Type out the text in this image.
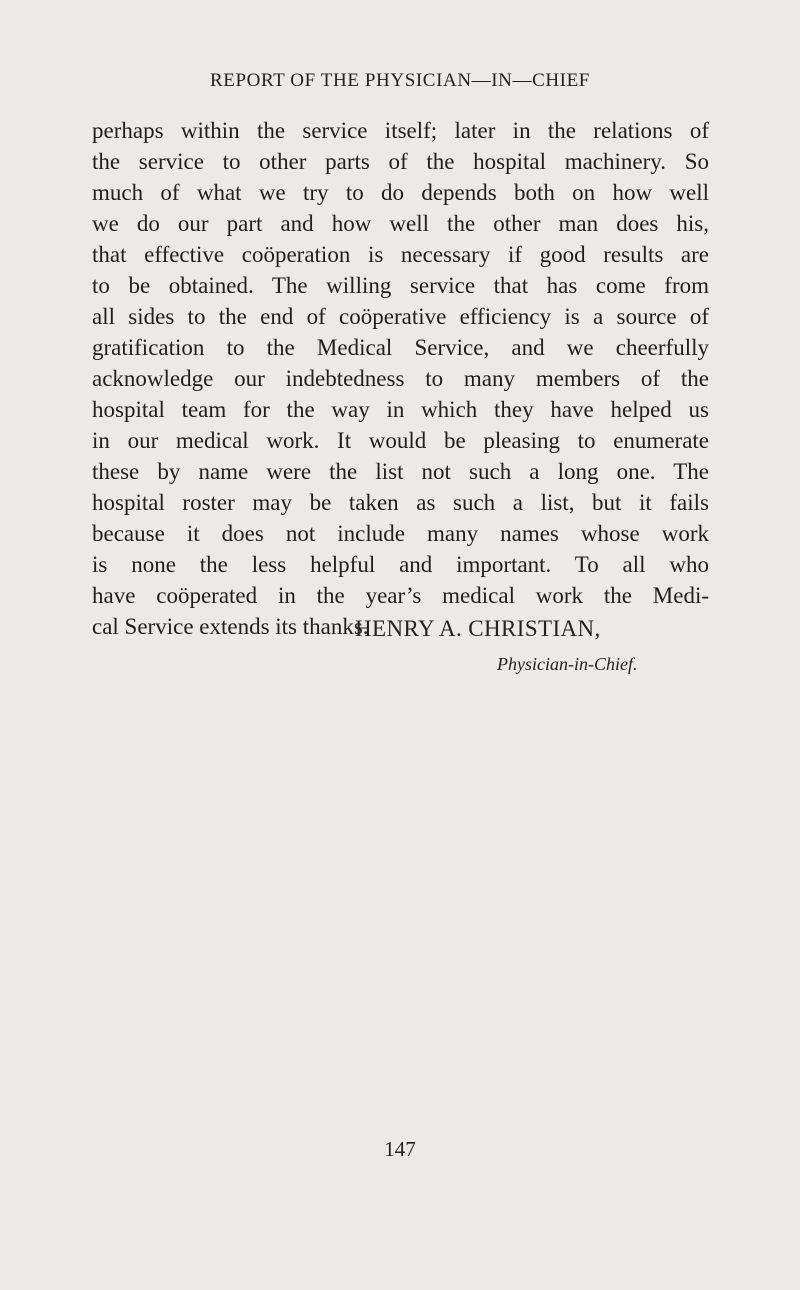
REPORT OF THE PHYSICIAN—IN—CHIEF
perhaps within the service itself; later in the relations of
the service to other parts of the hospital machinery. So
much of what we try to do depends both on how well
we do our part and how well the other man does his,
that effective coöperation is necessary if good results are
to be obtained. The willing service that has come from
all sides to the end of coöperative efficiency is a source of
gratification to the Medical Service, and we cheerfully
acknowledge our indebtedness to many members of the
hospital team for the way in which they have helped us
in our medical work. It would be pleasing to enumerate
these by name were the list not such a long one. The
hospital roster may be taken as such a list, but it fails
because it does not include many names whose work
is none the less helpful and important. To all who
have coöperated in the year’s medical work the Medi-
cal Service extends its thanks.
HENRY A. CHRISTIAN,
Physician-in-Chief.
147
